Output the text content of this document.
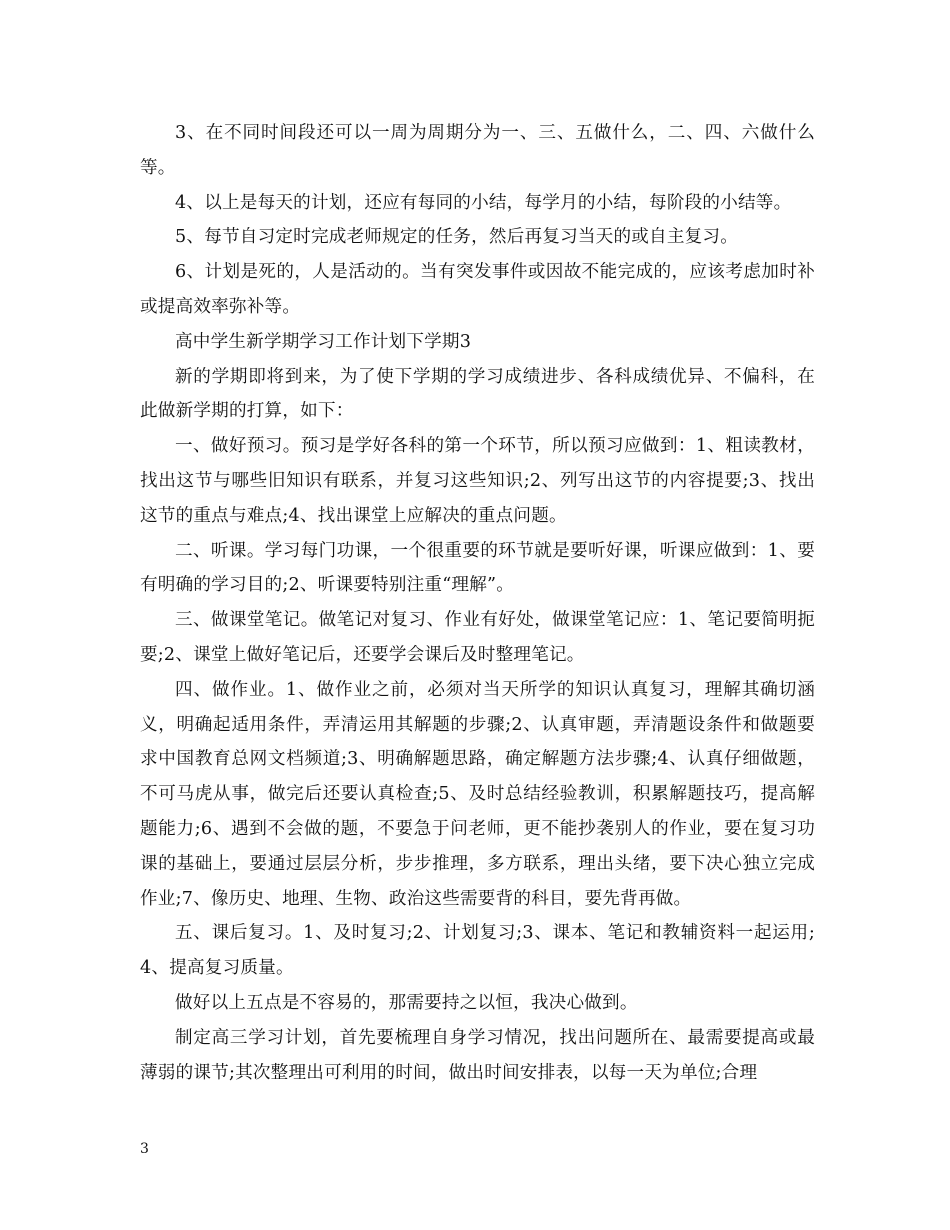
3、在不同时间段还可以一周为周期分为一、三、五做什么，二、四、六做什么等。

4、以上是每天的计划，还应有每同的小结，每学月的小结，每阶段的小结等。

5、每节自习定时完成老师规定的任务，然后再复习当天的或自主复习。

6、计划是死的，人是活动的。当有突发事件或因故不能完成的，应该考虑加时补或提高效率弥补等。

高中学生新学期学习工作计划下学期3

新的学期即将到来，为了使下学期的学习成绩进步、各科成绩优异、不偏科，在此做新学期的打算，如下：

一、做好预习。预习是学好各科的第一个环节，所以预习应做到：1、粗读教材，找出这节与哪些旧知识有联系，并复习这些知识;2、列写出这节的内容提要;3、找出这节的重点与难点;4、找出课堂上应解决的重点问题。

二、听课。学习每门功课，一个很重要的环节就是要听好课，听课应做到：1、要有明确的学习目的;2、听课要特别注重“理解”。

三、做课堂笔记。做笔记对复习、作业有好处，做课堂笔记应：1、笔记要简明扼要;2、课堂上做好笔记后，还要学会课后及时整理笔记。

四、做作业。1、做作业之前，必须对当天所学的知识认真复习，理解其确切涵义，明确起适用条件，弄清运用其解题的步骤;2、认真审题，弄清题设条件和做题要求中国教育总网文档频道;3、明确解题思路，确定解题方法步骤;4、认真仔细做题，不可马虎从事，做完后还要认真检查;5、及时总结经验教训，积累解题技巧，提高解题能力;6、遇到不会做的题，不要急于问老师，更不能抄袭别人的作业，要在复习功课的基础上，要通过层层分析，步步推理，多方联系，理出头绪，要下决心独立完成作业;7、像历史、地理、生物、政治这些需要背的科目，要先背再做。

五、课后复习。1、及时复习;2、计划复习;3、课本、笔记和教辅资料一起运用;4、提高复习质量。

做好以上五点是不容易的，那需要持之以恒，我决心做到。

制定高三学习计划，首先要梳理自身学习情况，找出问题所在、最需要提高或最薄弱的课节;其次整理出可利用的时间，做出时间安排表，以每一天为单位;合理

3
